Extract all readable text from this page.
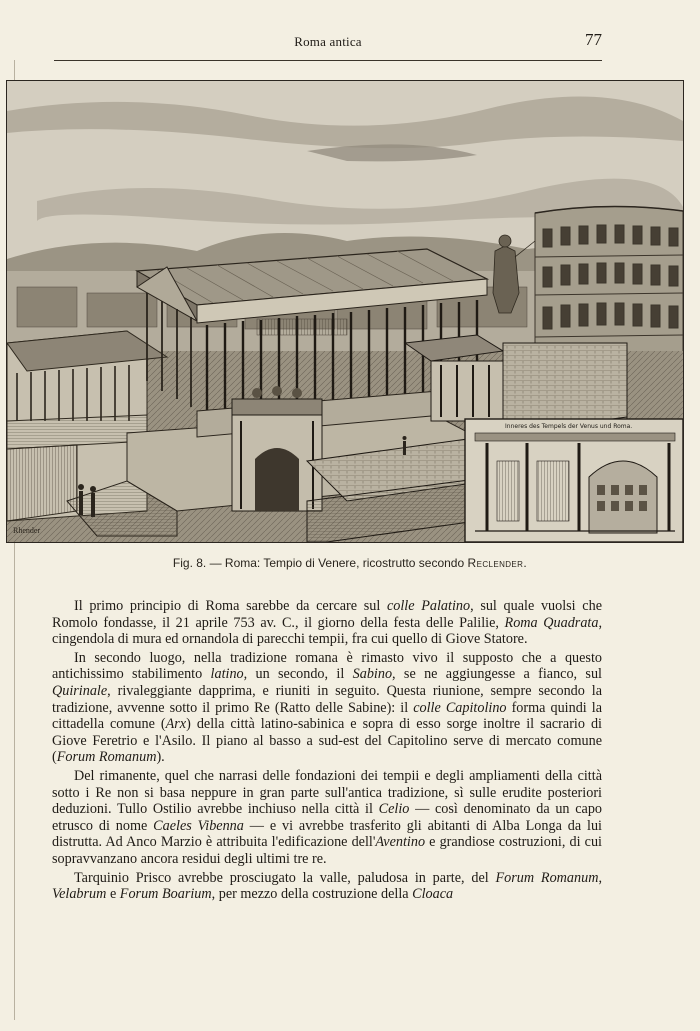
Roma antica	77
Rhender
Inneres des Tempels der Venus und Roma.
Fig. 8. — Roma: Tempio di Venere, ricostrutto secondo Reclender.

Il primo principio di Roma sarebbe da cercare sul colle Palatino, sul quale vuolsi che Romolo fondasse, il 21 aprile 753 av. C., il giorno della festa delle Palilie, Roma Quadrata, cingendola di mura ed ornandola di parecchi tempii, fra cui quello di Giove Statore.

In secondo luogo, nella tradizione romana è rimasto vivo il supposto che a questo antichissimo stabilimento latino, un secondo, il Sabino, se ne aggiungesse a fianco, sul Quirinale, rivaleggiante dapprima, e riuniti in seguito. Questa riunione, sempre secondo la tradizione, avvenne sotto il primo Re (Ratto delle Sabine): il colle Capitolino forma quindi la cittadella comune (Arx) della città latino-sabinica e sopra di esso sorge inoltre il sacrario di Giove Feretrio e l'Asilo. Il piano al basso a sud-est del Capitolino serve di mercato comune (Forum Romanum).

Del rimanente, quel che narrasi delle fondazioni dei tempii e degli ampliamenti della città sotto i Re non si basa neppure in gran parte sull'antica tradizione, sì sulle erudite posteriori deduzioni. Tullo Ostilio avrebbe inchiuso nella città il Celio — così denominato da un capo etrusco di nome Caeles Vibenna — e vi avrebbe trasferito gli abitanti di Alba Longa da lui distrutta. Ad Anco Marzio è attribuita l'edificazione dell'Aventino e grandiose costruzioni, di cui sopravvanzano ancora residui degli ultimi tre re.

Tarquinio Prisco avrebbe prosciugato la valle, paludosa in parte, del Forum Romanum, Velabrum e Forum Boarium, per mezzo della costruzione della Cloaca
